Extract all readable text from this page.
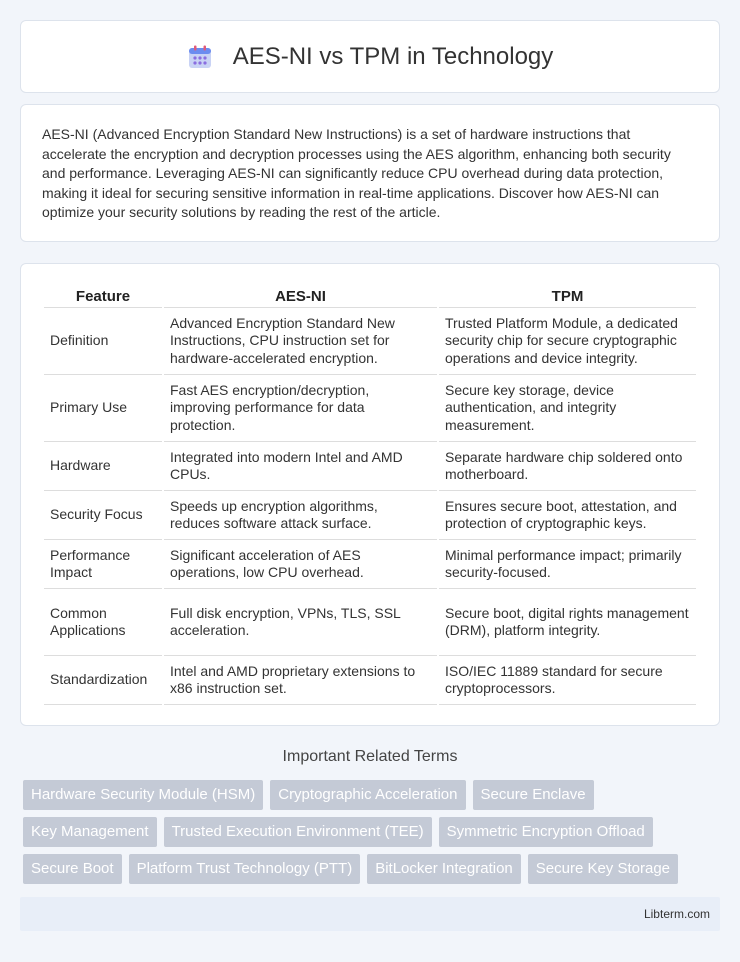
AES-NI vs TPM in Technology

AES-NI (Advanced Encryption Standard New Instructions) is a set of hardware instructions that accelerate the encryption and decryption processes using the AES algorithm, enhancing both security and performance. Leveraging AES-NI can significantly reduce CPU overhead during data protection, making it ideal for securing sensitive information in real-time applications. Discover how AES-NI can optimize your security solutions by reading the rest of the article.

Feature	AES-NI	TPM
Definition	Advanced Encryption Standard New Instructions, CPU instruction set for hardware-accelerated encryption.	Trusted Platform Module, a dedicated security chip for secure cryptographic operations and device integrity.
Primary Use	Fast AES encryption/decryption, improving performance for data protection.	Secure key storage, device authentication, and integrity measurement.
Hardware	Integrated into modern Intel and AMD CPUs.	Separate hardware chip soldered onto motherboard.
Security Focus	Speeds up encryption algorithms, reduces software attack surface.	Ensures secure boot, attestation, and protection of cryptographic keys.
Performance Impact	Significant acceleration of AES operations, low CPU overhead.	Minimal performance impact; primarily security-focused.
Common Applications	Full disk encryption, VPNs, TLS, SSL acceleration.	Secure boot, digital rights management (DRM), platform integrity.
Standardization	Intel and AMD proprietary extensions to x86 instruction set.	ISO/IEC 11889 standard for secure cryptoprocessors.
Important Related Terms
Hardware Security Module (HSM)	Cryptographic Acceleration	Secure Enclave
Key Management	Trusted Execution Environment (TEE)	Symmetric Encryption Offload
Secure Boot	Platform Trust Technology (PTT)	BitLocker Integration	Secure Key Storage
Libterm.com
